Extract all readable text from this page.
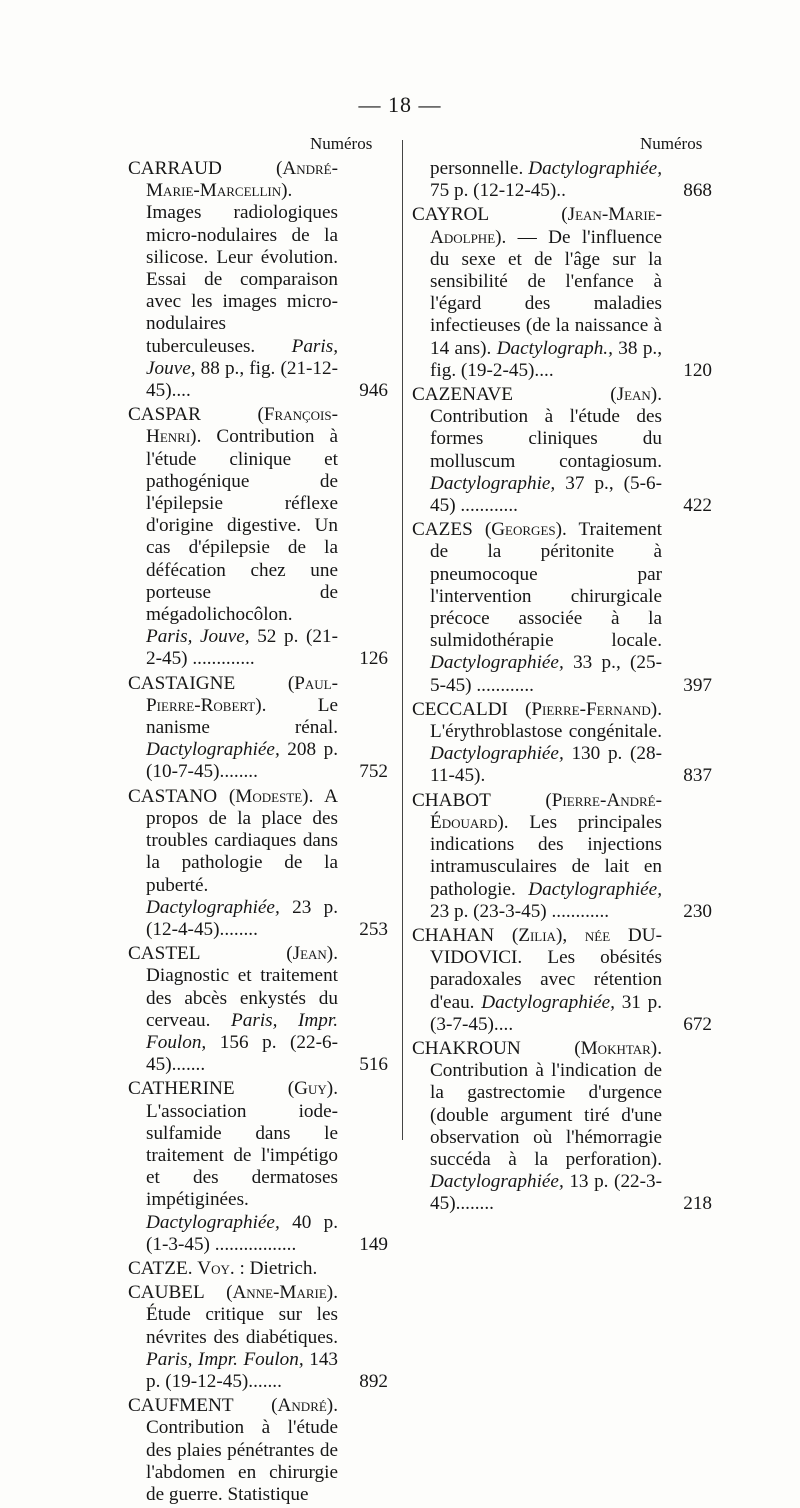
— 18 —
Numéros	Numéros
CARRAUD	(André-Marie-Marcellin). Images radiologiques micro-nodulaires de la silicose. Leur évolution. Essai de comparaison avec les images micro-nodulaires tuberculeuses. Paris, Jouve, 88 p., fig. (21-12-45)....	946
CASPAR	(François-Henri). Contribution à l'étude clinique et pathogénique de l'épilepsie réflexe d'origine digestive. Un cas d'épilepsie de la défécation chez une porteuse de mégadolichocôlon. Paris, Jouve, 52 p. (21-2-45) .............	126
CASTAIGNE	(Paul-Pierre-Robert).	Le nanisme rénal. Dactylographiée, 208 p. (10-7-45)........	752
CASTANO (Modeste). A propos de la place des troubles cardiaques dans la pathologie de la puberté. Dactylographiée, 23 p. (12-4-45)........	253
CASTEL	(Jean). Diagnostic et traitement des abcès enkystés du cerveau. Paris, Impr. Foulon, 156 p. (22-6-45).......	516
CATHERINE	(Guy). L'association iode-sulfamide dans le traitement de l'impétigo et des dermatoses impétiginées. Dactylographiée, 40 p. (1-3-45) .................	149
CATZE. Voy. : Dietrich.
CAUBEL (Anne-Marie). Étude critique sur les névrites des diabétiques. Paris, Impr. Foulon, 143 p. (19-12-45).......	892
CAUFMENT (André). Contribution à l'étude des plaies pénétrantes de l'abdomen en chirurgie de guerre. Statistique
personnelle. Dactylographiée, 75 p. (12-12-45)..	868
CAYROL	(Jean-Marie-Adolphe). — De l'influence du sexe et de l'âge sur la sensibilité de l'enfance à l'égard des maladies infectieuses (de la naissance à 14 ans). Dactylograph., 38 p., fig. (19-2-45)....	120
CAZENAVE	(Jean). Contribution à l'étude des formes cliniques du molluscum contagiosum. Dactylographie, 37 p., (5-6-45) ............	422
CAZES (Georges). Traitement de la péritonite à pneumocoque par l'intervention chirurgicale précoce associée à la sulmidothérapie locale. Dactylographiée, 33 p., (25-5-45) ............	397
CECCALDI (Pierre-Fernand). L'érythroblastose congénitale. Dactylographiée, 130 p. (28-11-45).	837
CHABOT	(Pierre-André-Édouard). Les principales indications des injections intramusculaires de lait en pathologie. Dactylographiée, 23 p. (23-3-45) ............	230
CHAHAN (Zilia), née DU-VIDOVICI. Les obésités paradoxales avec rétention d'eau. Dactylographiée, 31 p. (3-7-45)....	672
CHAKROUN	(Mokhtar). Contribution à l'indication de la gastrectomie d'urgence (double argument tiré d'une observation où l'hémorragie succéda à la perforation). Dactylographiée, 13 p. (22-3-45)........	218
